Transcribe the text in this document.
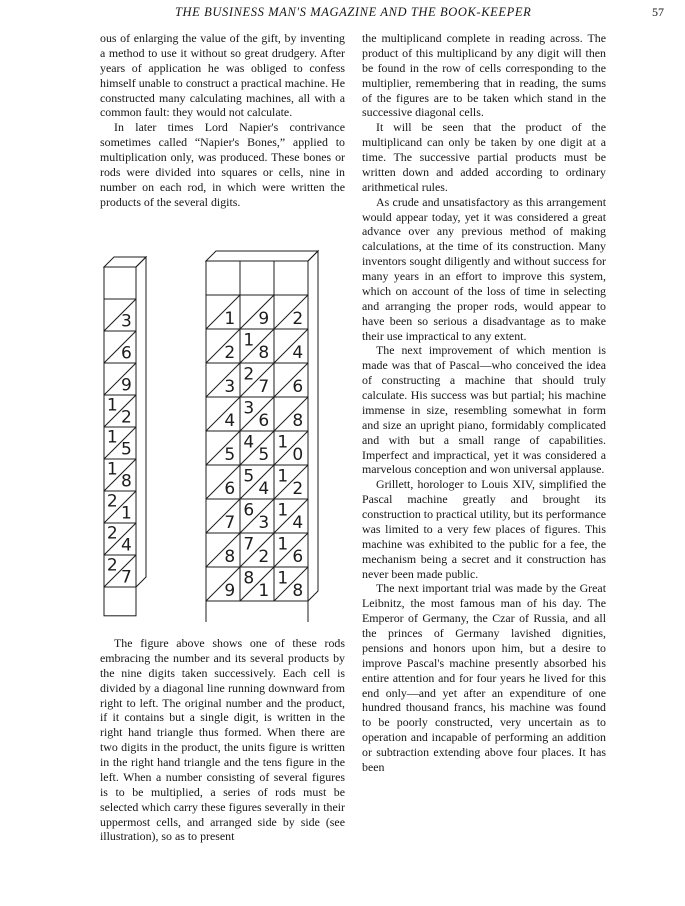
THE BUSINESS MAN'S MAGAZINE AND THE BOOK-KEEPER	57

ous of enlarging the value of the gift, by inventing a method to use it without so great drudgery. After years of application he was obliged to confess himself unable to construct a practical machine. He constructed many calculating machines, all with a common fault: they would not calculate.

In later times Lord Napier's contrivance sometimes called “Napier's Bones,” applied to multiplication only, was produced. These bones or rods were divided into squares or cells, nine in number on each rod, in which were written the products of the several digits.

3
6
9
1
2
1
5
1
8
2
1
2
4
2
7
1 9 2
2
1
8 4
3
2
7 6
4
3
6 8
5
4
5
1
0
6
5
4
1
2
7
6
3
1
4
8
7
2
1
6
9
8
1
1
8

The figure above shows one of these rods embracing the number and its several products by the nine digits taken successively. Each cell is divided by a diagonal line running downward from right to left. The original number and the product, if it contains but a single digit, is written in the right hand triangle thus formed. When there are two digits in the product, the units figure is written in the right hand triangle and the tens figure in the left. When a number consisting of several figures is to be multiplied, a series of rods must be selected which carry these figures severally in their uppermost cells, and arranged side by side (see illustration), so as to present

the multiplicand complete in reading across. The product of this multiplicand by any digit will then be found in the row of cells corresponding to the multiplier, remembering that in reading, the sums of the figures are to be taken which stand in the successive diagonal cells.

It will be seen that the product of the multiplicand can only be taken by one digit at a time. The successive partial products must be written down and added according to ordinary arithmetical rules.

As crude and unsatisfactory as this arrangement would appear today, yet it was considered a great advance over any previous method of making calculations, at the time of its construction. Many inventors sought diligently and without success for many years in an effort to improve this system, which on account of the loss of time in selecting and arranging the proper rods, would appear to have been so serious a disadvantage as to make their use impractical to any extent.

The next improvement of which mention is made was that of Pascal—who conceived the idea of constructing a machine that should truly calculate. His success was but partial; his machine immense in size, resembling somewhat in form and size an upright piano, formidably complicated and with but a small range of capabilities. Imperfect and impractical, yet it was considered a marvelous conception and won universal applause.

Grillett, horologer to Louis XIV, simplified the Pascal machine greatly and brought its construction to practical utility, but its performance was limited to a very few places of figures. This machine was exhibited to the public for a fee, the mechanism being a secret and it construction has never been made public.

The next important trial was made by the Great Leibnitz, the most famous man of his day. The Emperor of Germany, the Czar of Russia, and all the princes of Germany lavished dignities, pensions and honors upon him, but a desire to improve Pascal's machine presently absorbed his entire attention and for four years he lived for this end only—and yet after an expenditure of one hundred thousand francs, his machine was found to be poorly constructed, very uncertain as to operation and incapable of performing an addition or subtraction extending above four places. It has been
